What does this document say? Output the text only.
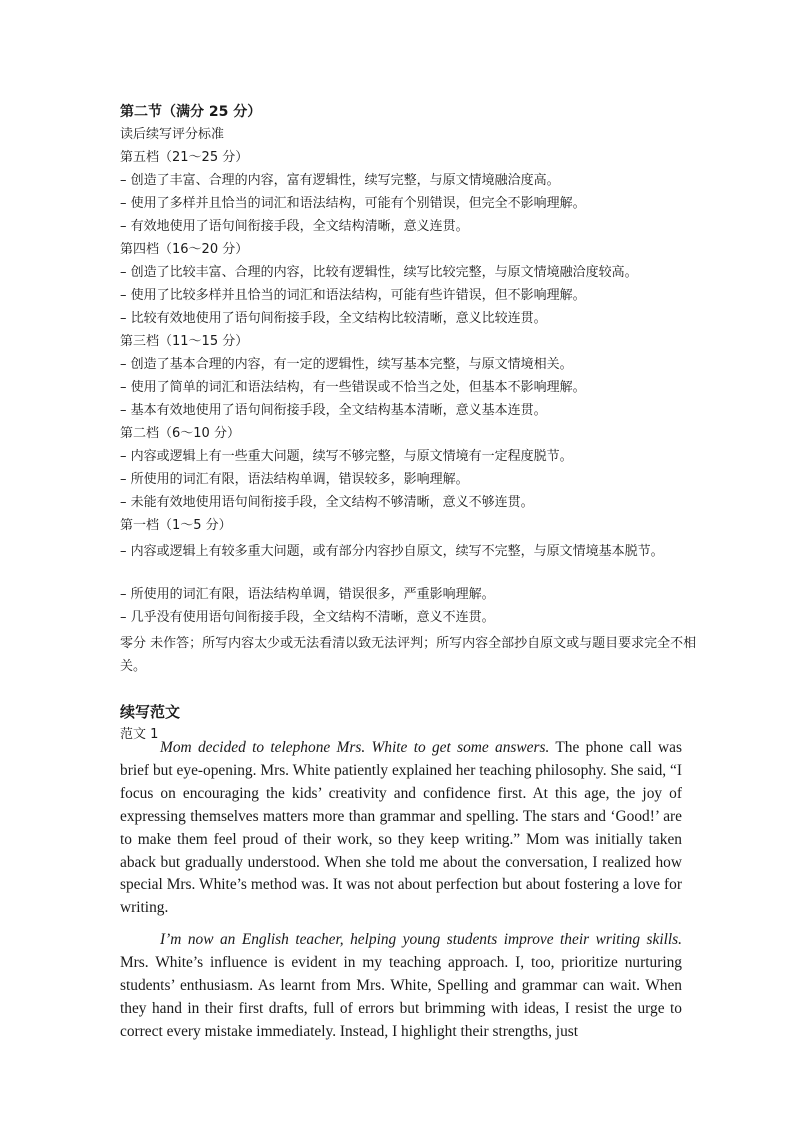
第二节（满分 25 分）
读后续写评分标准
第五档（21～25 分）
– 创造了丰富、合理的内容，富有逻辑性，续写完整，与原文情境融洽度高。
– 使用了多样并且恰当的词汇和语法结构，可能有个别错误，但完全不影响理解。
– 有效地使用了语句间衔接手段，全文结构清晰，意义连贯。
第四档（16～20 分）
– 创造了比较丰富、合理的内容，比较有逻辑性，续写比较完整，与原文情境融洽度较高。
– 使用了比较多样并且恰当的词汇和语法结构，可能有些许错误，但不影响理解。
– 比较有效地使用了语句间衔接手段，全文结构比较清晰，意义比较连贯。
第三档（11～15 分）
– 创造了基本合理的内容，有一定的逻辑性，续写基本完整，与原文情境相关。
– 使用了简单的词汇和语法结构，有一些错误或不恰当之处，但基本不影响理解。
– 基本有效地使用了语句间衔接手段，全文结构基本清晰，意义基本连贯。
第二档（6～10 分）
– 内容或逻辑上有一些重大问题，续写不够完整，与原文情境有一定程度脱节。
– 所使用的词汇有限，语法结构单调，错误较多，影响理解。
– 未能有效地使用语句间衔接手段，全文结构不够清晰，意义不够连贯。
第一档（1～5 分）
– 内容或逻辑上有较多重大问题，或有部分内容抄自原文，续写不完整，与原文情境基本脱节。
– 所使用的词汇有限，语法结构单调，错误很多，严重影响理解。
– 几乎没有使用语句间衔接手段，全文结构不清晰，意义不连贯。
零分 未作答；所写内容太少或无法看清以致无法评判；所写内容全部抄自原文或与题目要求完全不相关。
续写范文
范文 1

Mom decided to telephone Mrs. White to get some answers. The phone call was brief but eye-opening. Mrs. White patiently explained her teaching philosophy. She said, “I focus on encouraging the kids’ creativity and confidence first. At this age, the joy of expressing themselves matters more than grammar and spelling. The stars and ‘Good!’ are to make them feel proud of their work, so they keep writing.” Mom was initially taken aback but gradually understood. When she told me about the conversation, I realized how special Mrs. White’s method was. It was not about perfection but about fostering a love for writing.

I’m now an English teacher, helping young students improve their writing skills. Mrs. White’s influence is evident in my teaching approach. I, too, prioritize nurturing students’ enthusiasm. As learnt from Mrs. White, Spelling and grammar can wait. When they hand in their first drafts, full of errors but brimming with ideas, I resist the urge to correct every mistake immediately. Instead, I highlight their strengths, just
